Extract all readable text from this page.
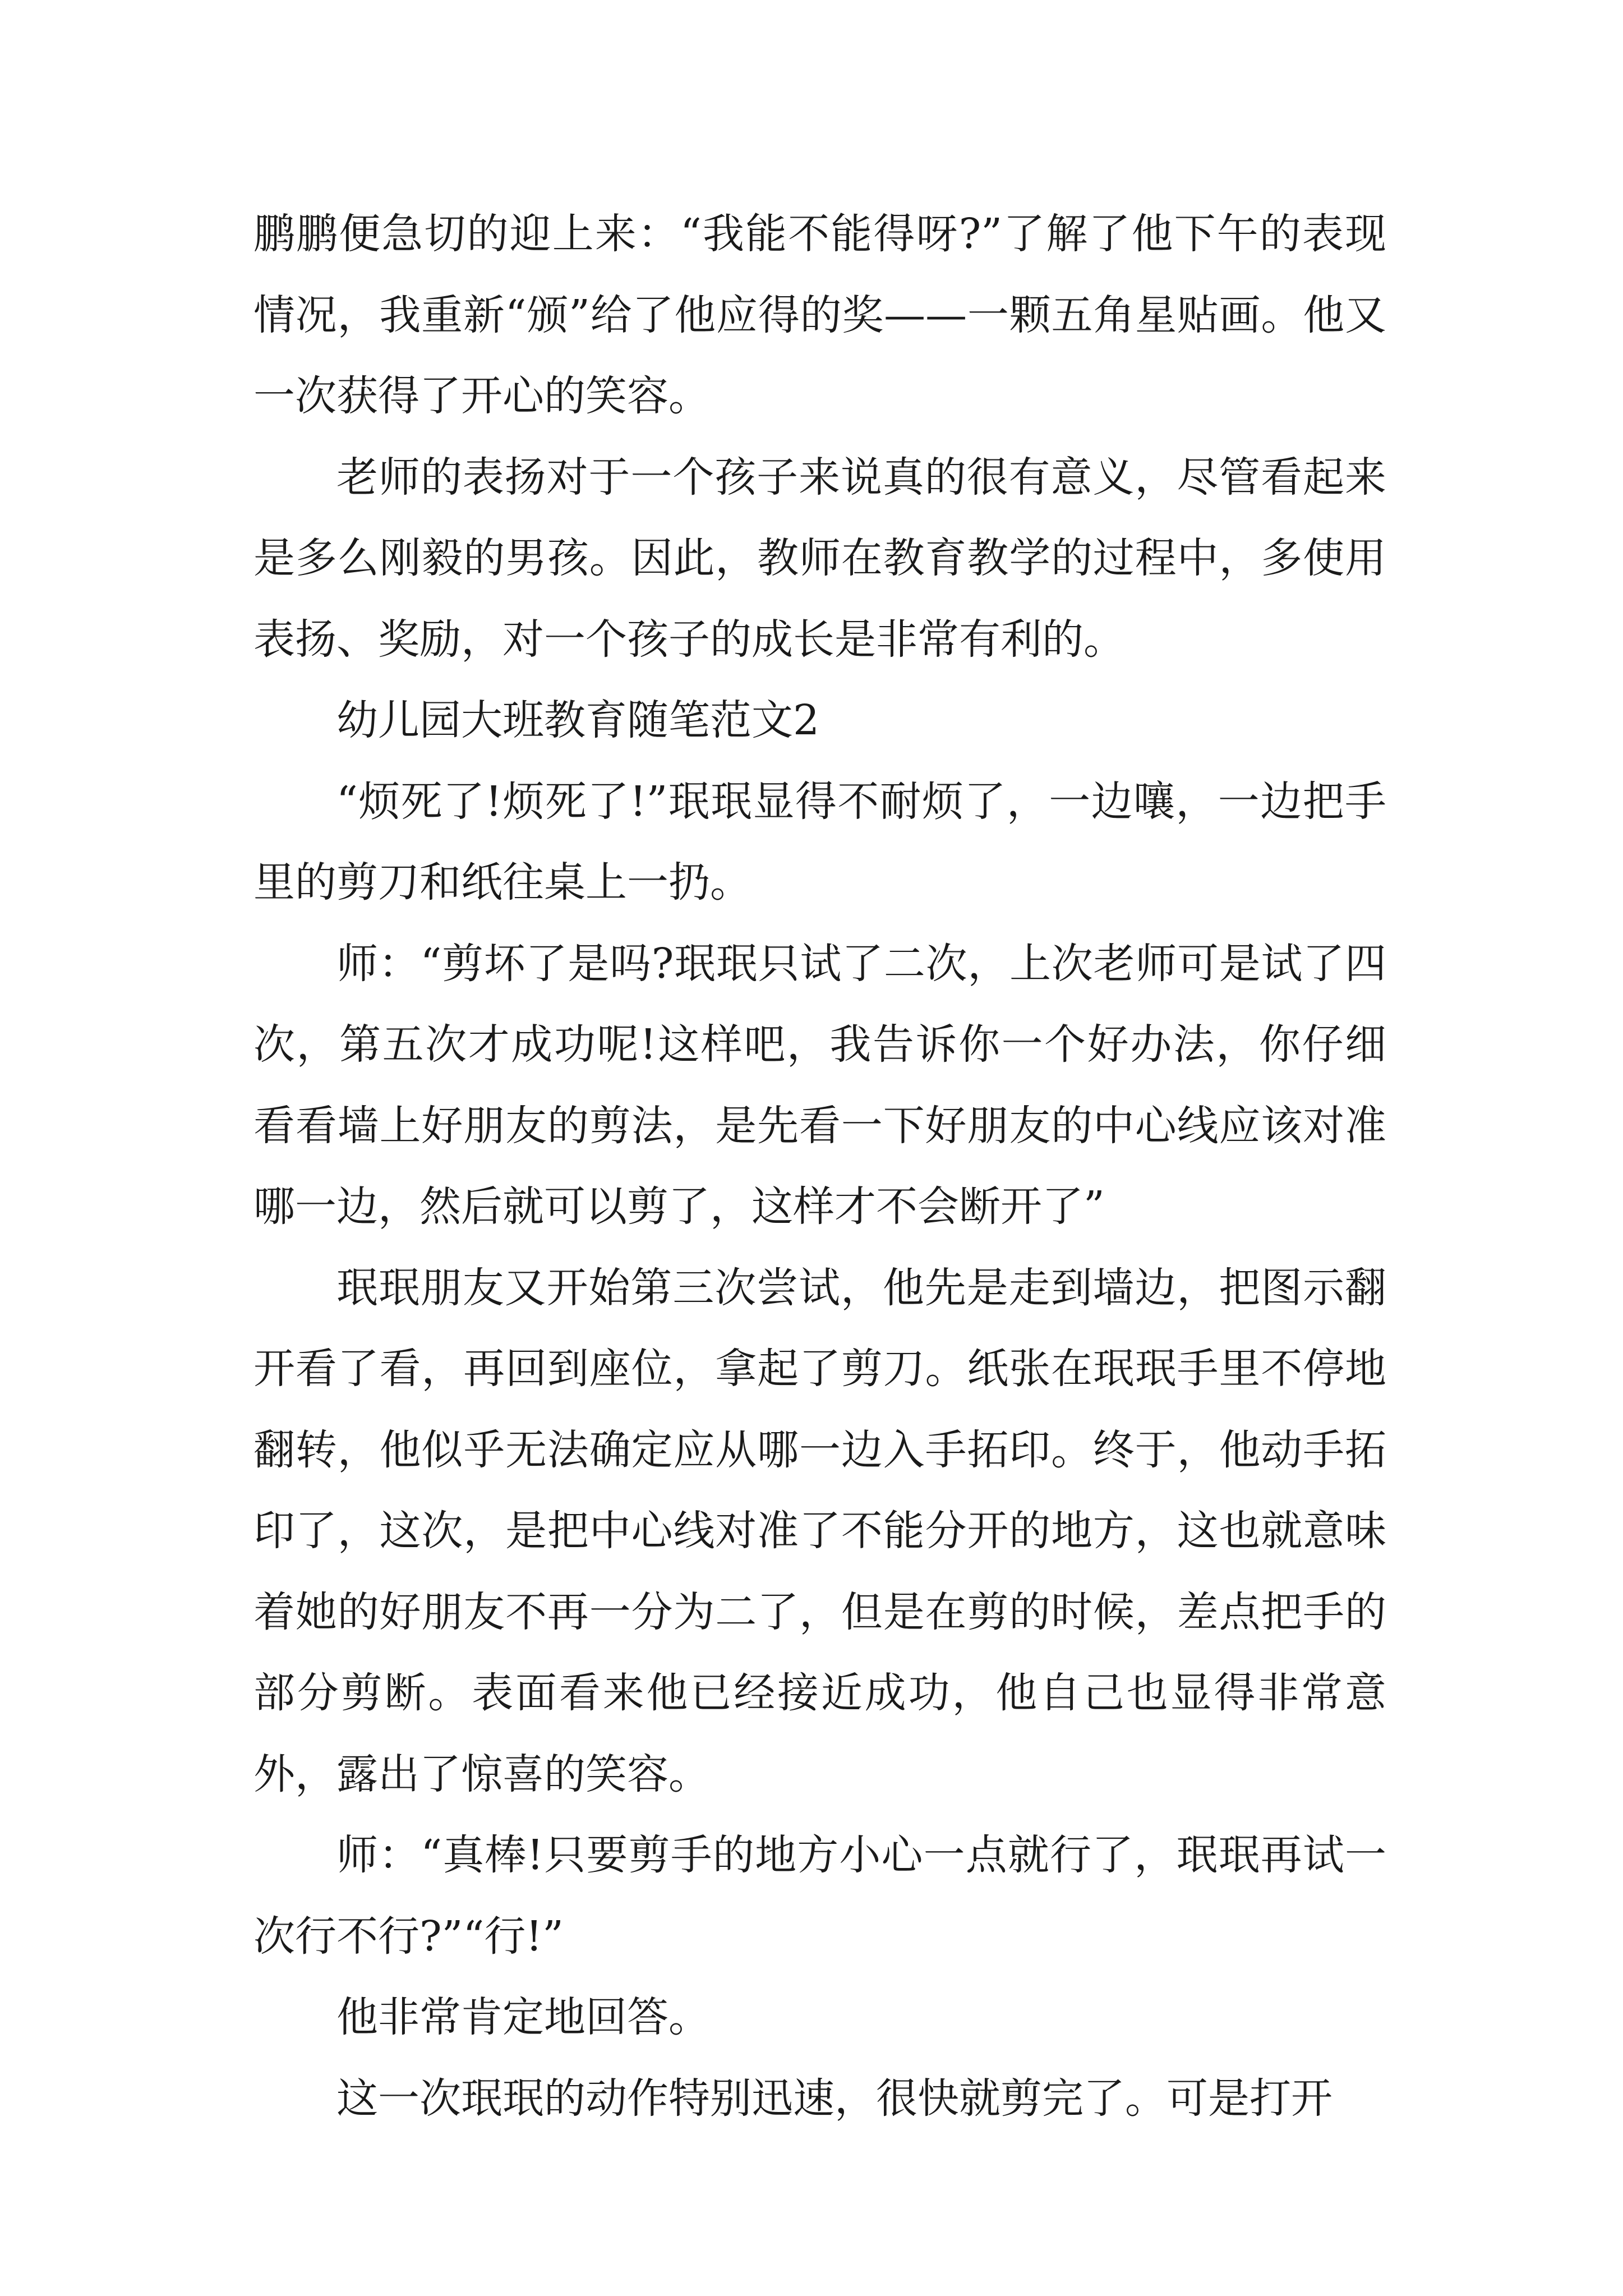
鹏鹏便急切的迎上来：“我能不能得呀?”了解了他下午的表现情况，我重新“颁”给了他应得的奖——一颗五角星贴画。他又一次获得了开心的笑容。

老师的表扬对于一个孩子来说真的很有意义，尽管看起来是多么刚毅的男孩。因此，教师在教育教学的过程中，多使用表扬、奖励，对一个孩子的成长是非常有利的。

幼儿园大班教育随笔范文2

“烦死了!烦死了!”珉珉显得不耐烦了，一边嚷，一边把手里的剪刀和纸往桌上一扔。

师：“剪坏了是吗?珉珉只试了二次，上次老师可是试了四次，第五次才成功呢!这样吧，我告诉你一个好办法，你仔细看看墙上好朋友的剪法，是先看一下好朋友的中心线应该对准哪一边，然后就可以剪了，这样才不会断开了”

珉珉朋友又开始第三次尝试，他先是走到墙边，把图示翻开看了看，再回到座位，拿起了剪刀。纸张在珉珉手里不停地翻转，他似乎无法确定应从哪一边入手拓印。终于，他动手拓印了，这次，是把中心线对准了不能分开的地方，这也就意味着她的好朋友不再一分为二了，但是在剪的时候，差点把手的部分剪断。表面看来他已经接近成功，他自己也显得非常意外，露出了惊喜的笑容。

师：“真棒!只要剪手的地方小心一点就行了，珉珉再试一次行不行?”“行!”

他非常肯定地回答。

这一次珉珉的动作特别迅速，很快就剪完了。可是打开
